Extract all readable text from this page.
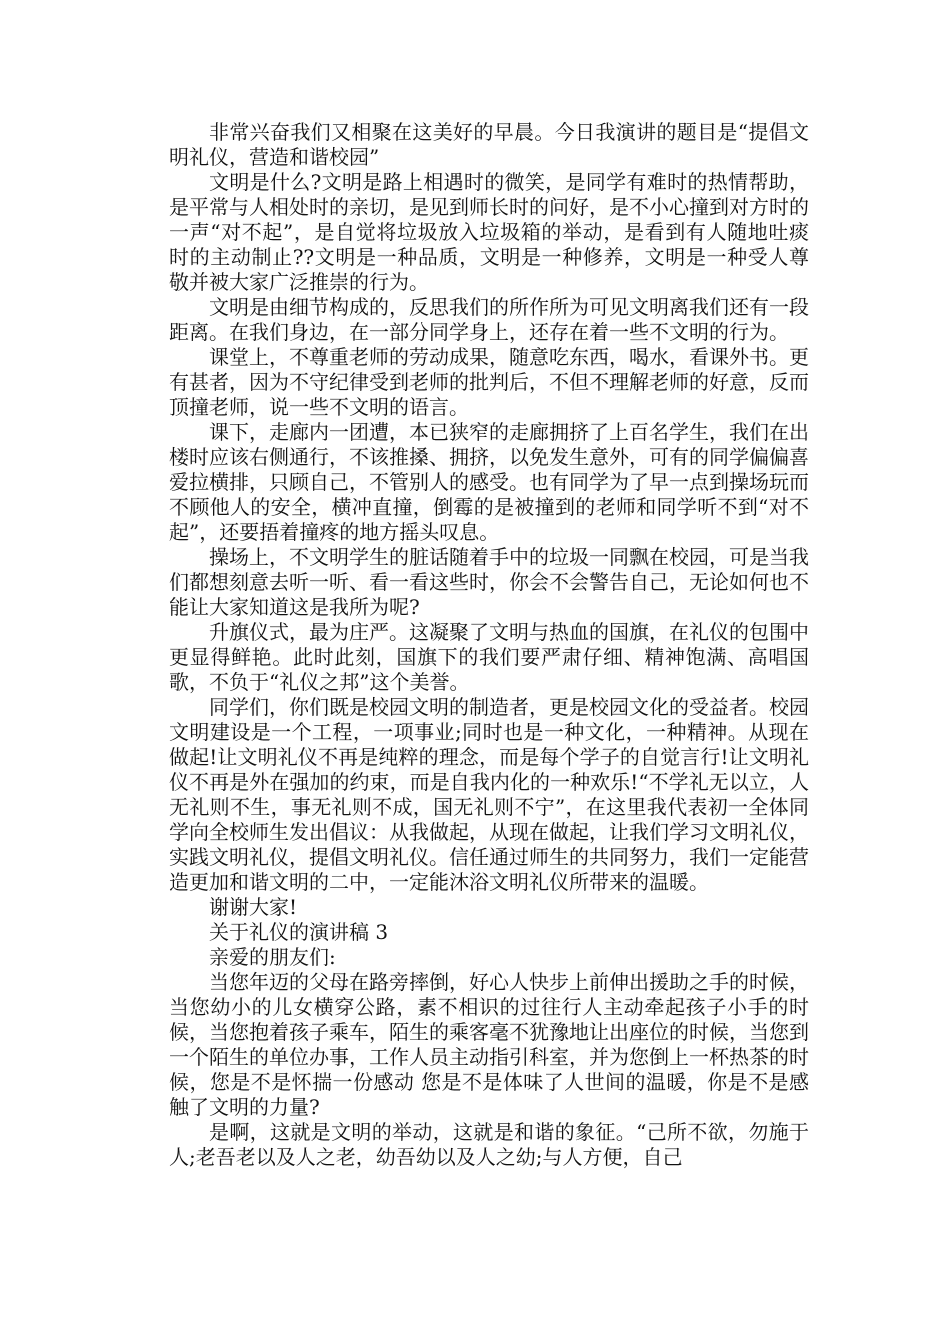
非常兴奋我们又相聚在这美好的早晨。今日我演讲的题目是“提倡文明礼仪，营造和谐校园”

文明是什么?文明是路上相遇时的微笑，是同学有难时的热情帮助，是平常与人相处时的亲切，是见到师长时的问好，是不小心撞到对方时的一声“对不起”，是自觉将垃圾放入垃圾箱的举动，是看到有人随地吐痰时的主动制止??文明是一种品质，文明是一种修养，文明是一种受人尊敬并被大家广泛推崇的行为。

文明是由细节构成的，反思我们的所作所为可见文明离我们还有一段距离。在我们身边，在一部分同学身上，还存在着一些不文明的行为。

课堂上，不尊重老师的劳动成果，随意吃东西，喝水，看课外书。更有甚者，因为不守纪律受到老师的批判后，不但不理解老师的好意，反而顶撞老师，说一些不文明的语言。

课下，走廊内一团遭，本已狭窄的走廊拥挤了上百名学生，我们在出楼时应该右侧通行，不该推搡、拥挤，以免发生意外，可有的同学偏偏喜爱拉横排，只顾自己，不管别人的感受。也有同学为了早一点到操场玩而不顾他人的安全，横冲直撞，倒霉的是被撞到的老师和同学听不到“对不起”，还要捂着撞疼的地方摇头叹息。

操场上，不文明学生的脏话随着手中的垃圾一同飘在校园，可是当我们都想刻意去听一听、看一看这些时，你会不会警告自己，无论如何也不能让大家知道这是我所为呢?

升旗仪式，最为庄严。这凝聚了文明与热血的国旗，在礼仪的包围中更显得鲜艳。此时此刻，国旗下的我们要严肃仔细、精神饱满、高唱国歌，不负于“礼仪之邦”这个美誉。

同学们，你们既是校园文明的制造者，更是校园文化的受益者。校园文明建设是一个工程，一项事业;同时也是一种文化，一种精神。从现在做起!让文明礼仪不再是纯粹的理念，而是每个学子的自觉言行!让文明礼仪不再是外在强加的约束，而是自我内化的一种欢乐!“不学礼无以立，人无礼则不生，事无礼则不成，国无礼则不宁”，在这里我代表初一全体同学向全校师生发出倡议：从我做起，从现在做起，让我们学习文明礼仪，实践文明礼仪，提倡文明礼仪。信任通过师生的共同努力，我们一定能营造更加和谐文明的二中，一定能沐浴文明礼仪所带来的温暖。

谢谢大家!

关于礼仪的演讲稿 3

亲爱的朋友们:

当您年迈的父母在路旁摔倒，好心人快步上前伸出援助之手的时候，当您幼小的儿女横穿公路，素不相识的过往行人主动牵起孩子小手的时候，当您抱着孩子乘车，陌生的乘客毫不犹豫地让出座位的时候，当您到一个陌生的单位办事，工作人员主动指引科室，并为您倒上一杯热茶的时候，您是不是怀揣一份感动 您是不是体味了人世间的温暖，你是不是感触了文明的力量?

是啊，这就是文明的举动，这就是和谐的象征。“己所不欲，勿施于人;老吾老以及人之老，幼吾幼以及人之幼;与人方便，自己
